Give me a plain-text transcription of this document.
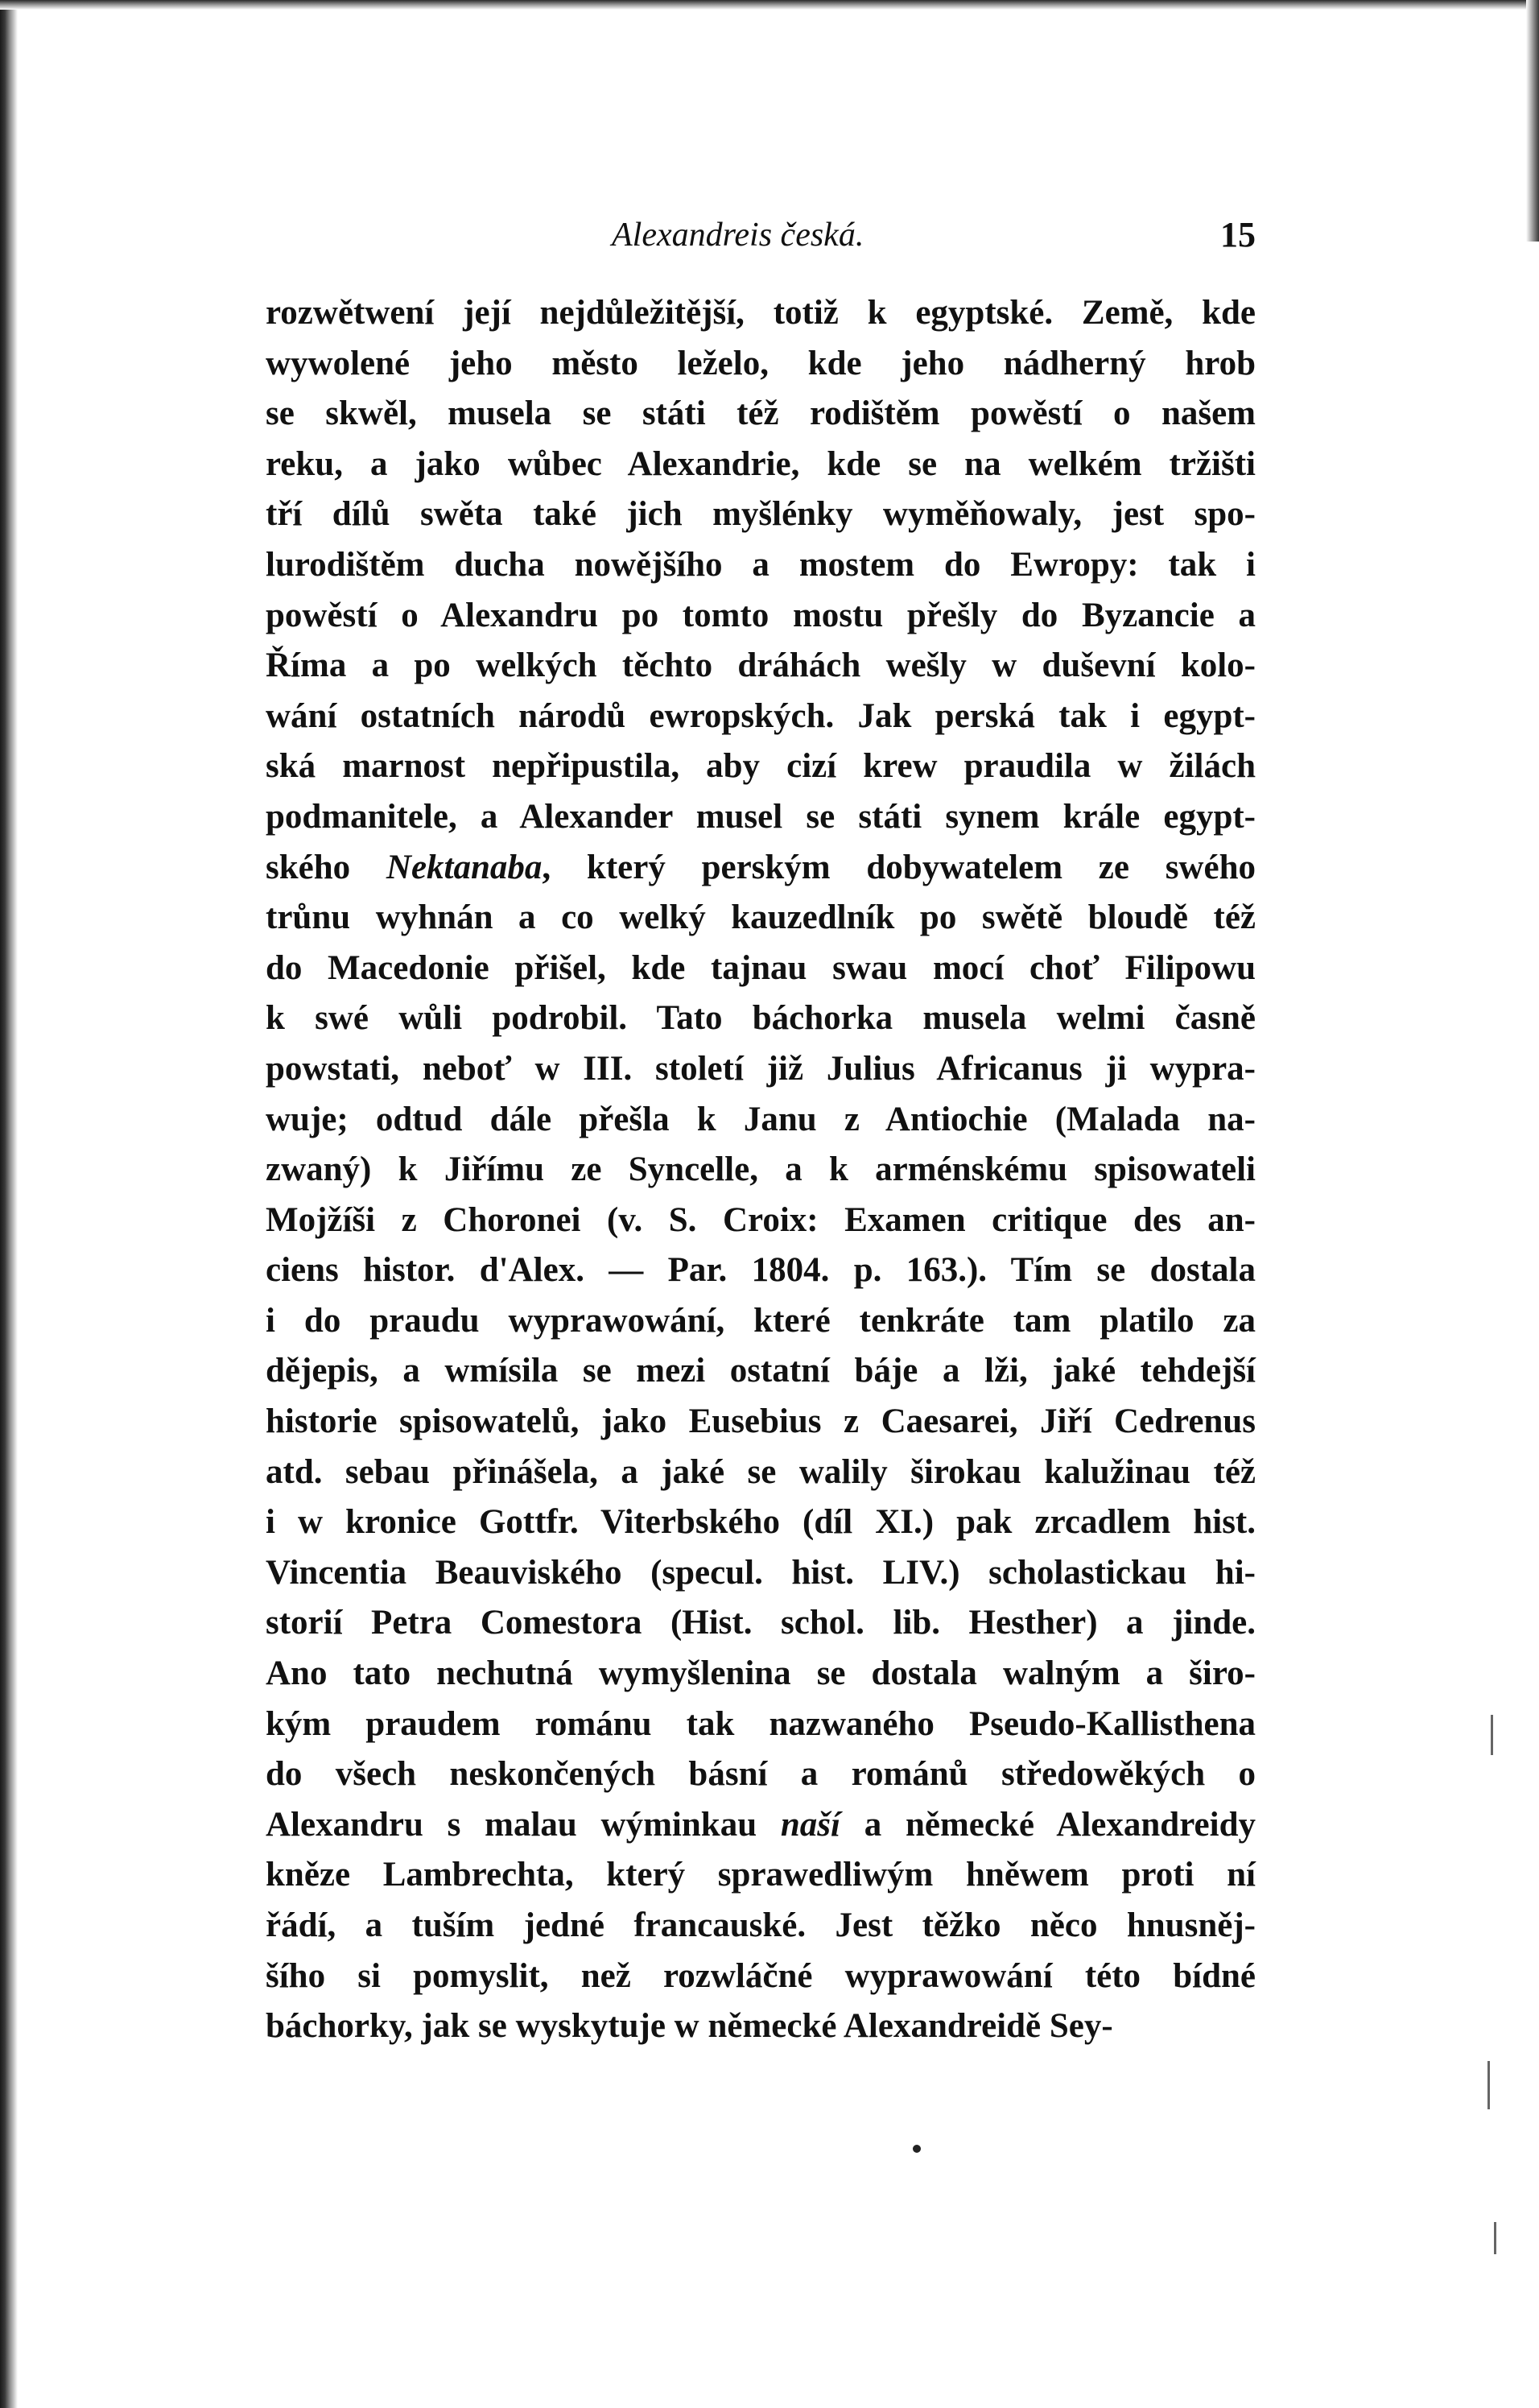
Alexandreis česká.	15
rozwětwení její nejdůležitější, totiž k egyptské. Země, kde
wywolené jeho město leželo, kde jeho nádherný hrob
se skwěl, musela se státi též rodištěm powěstí o našem
reku, a jako wůbec Alexandrie, kde se na welkém tržišti
tří dílů swěta také jich myšlénky wyměňowaly, jest spo-
lurodištěm ducha nowějšího a mostem do Ewropy: tak i
powěstí o Alexandru po tomto mostu přešly do Byzancie a
Říma a po welkých těchto dráhách wešly w duševní kolo-
wání ostatních národů ewropských. Jak perská tak i egypt-
ská marnost nepřipustila, aby cizí krew praudila w žilách
podmanitele, a Alexander musel se státi synem krále egypt-
ského Nektanaba, který perským dobywatelem ze swého
trůnu wyhnán a co welký kauzedlník po swětě bloudě též
do Macedonie přišel, kde tajnau swau mocí choť Filipowu
k swé wůli podrobil. Tato báchorka musela welmi časně
powstati, neboť w III. století již Julius Africanus ji wypra-
wuje; odtud dále přešla k Janu z Antiochie (Malada na-
zwaný) k Jiřímu ze Syncelle, a k arménskému spisowateli
Mojžíši z Choronei (v. S. Croix: Examen critique des an-
ciens histor. d'Alex. — Par. 1804. p. 163.). Tím se dostala
i do praudu wyprawowání, které tenkráte tam platilo za
dějepis, a wmísila se mezi ostatní báje a lži, jaké tehdejší
historie spisowatelů, jako Eusebius z Caesarei, Jiří Cedrenus
atd. sebau přinášela, a jaké se walily širokau kalužinau též
i w kronice Gottfr. Viterbského (díl XI.) pak zrcadlem hist.
Vincentia Beauviského (specul. hist. LIV.) scholastickau hi-
storií Petra Comestora (Hist. schol. lib. Hesther) a jinde.
Ano tato nechutná wymyšlenina se dostala walným a širo-
kým praudem románu tak nazwaného Pseudo-Kallisthena
do všech neskončených básní a románů středowěkých o
Alexandru s malau wýminkau naší a německé Alexandreidy
kněze Lambrechta, který sprawedliwým hněwem proti ní
řádí, a tuším jedné francauské. Jest těžko něco hnusněj-
šího si pomyslit, než rozwláčné wyprawowání této bídné
báchorky, jak se wyskytuje w německé Alexandreidě Sey-
